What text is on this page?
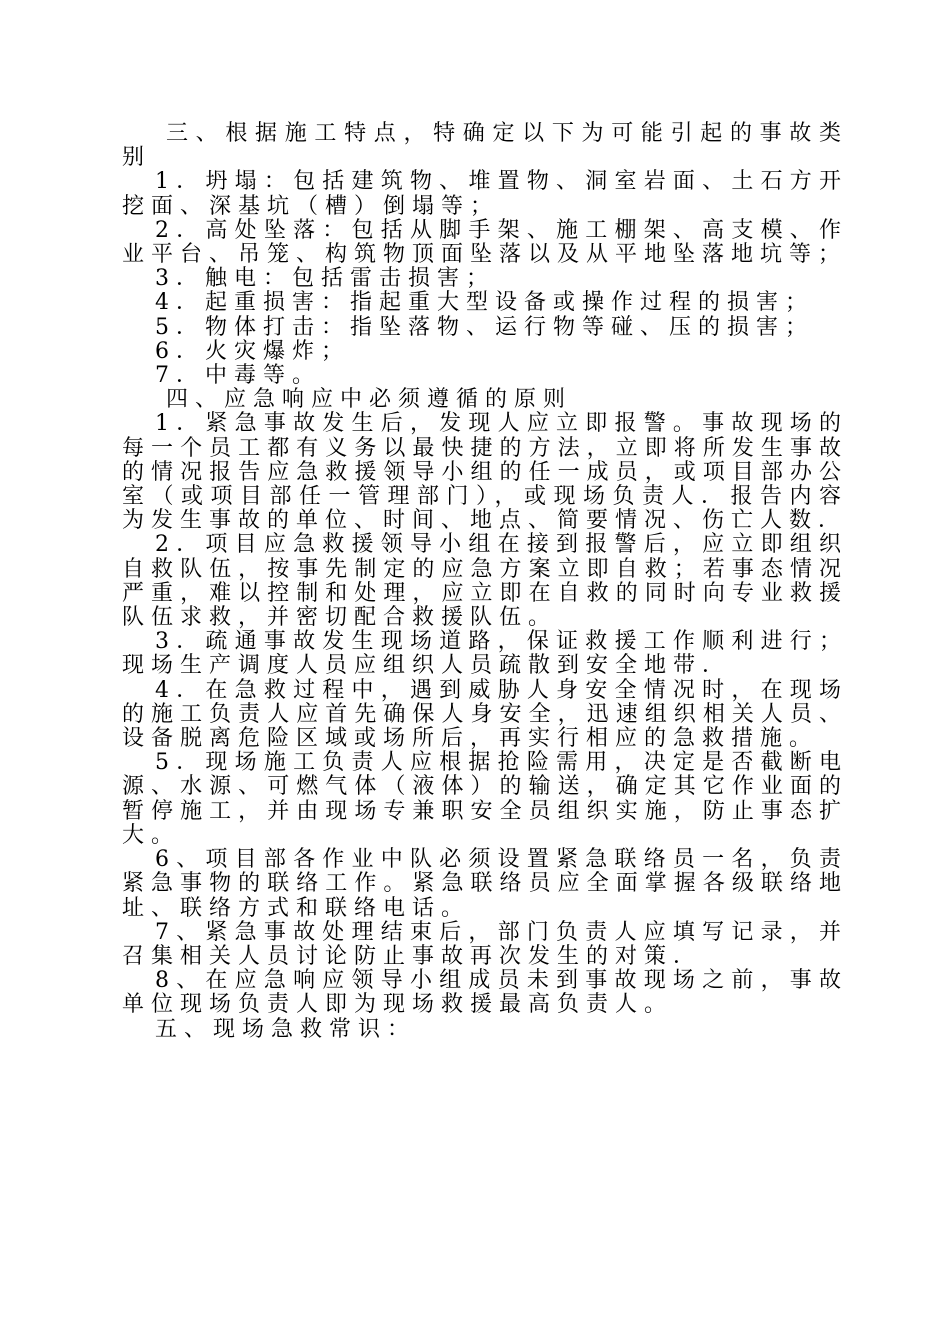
三、根据施工特点，特确定以下为可能引起的事故类别

1．坍塌：包括建筑物、堆置物、洞室岩面、土石方开挖面、深基坑（槽）倒塌等；

2．高处坠落：包括从脚手架、施工棚架、高支模、作业平台、吊笼、构筑物顶面坠落以及从平地坠落地坑等；

3．触电：包括雷击损害；

4．起重损害：指起重大型设备或操作过程的损害；

5．物体打击：指坠落物、运行物等碰、压的损害；

6．火灾爆炸；

7．中毒等。

四、应急响应中必须遵循的原则

1．紧急事故发生后，发现人应立即报警。事故现场的每一个员工都有义务以最快捷的方法，立即将所发生事故的情况报告应急救援领导小组的任一成员，或项目部办公室（或项目部任一管理部门），或现场负责人．报告内容为发生事故的单位、时间、地点、简要情况、伤亡人数．

2．项目应急救援领导小组在接到报警后，应立即组织自救队伍，按事先制定的应急方案立即自救；若事态情况严重，难以控制和处理，应立即在自救的同时向专业救援队伍求救，并密切配合救援队伍。

3．疏通事故发生现场道路，保证救援工作顺利进行；现场生产调度人员应组织人员疏散到安全地带．

4．在急救过程中，遇到威胁人身安全情况时，在现场的施工负责人应首先确保人身安全，迅速组织相关人员、设备脱离危险区域或场所后，再实行相应的急救措施。

5．现场施工负责人应根据抢险需用，决定是否截断电源、水源、可燃气体（液体）的输送，确定其它作业面的暂停施工，并由现场专兼职安全员组织实施，防止事态扩大。

6、项目部各作业中队必须设置紧急联络员一名，负责紧急事物的联络工作。紧急联络员应全面掌握各级联络地址、联络方式和联络电话。

7、紧急事故处理结束后，部门负责人应填写记录，并召集相关人员讨论防止事故再次发生的对策．

8、在应急响应领导小组成员未到事故现场之前，事故单位现场负责人即为现场救援最高负责人。

五、现场急救常识：
